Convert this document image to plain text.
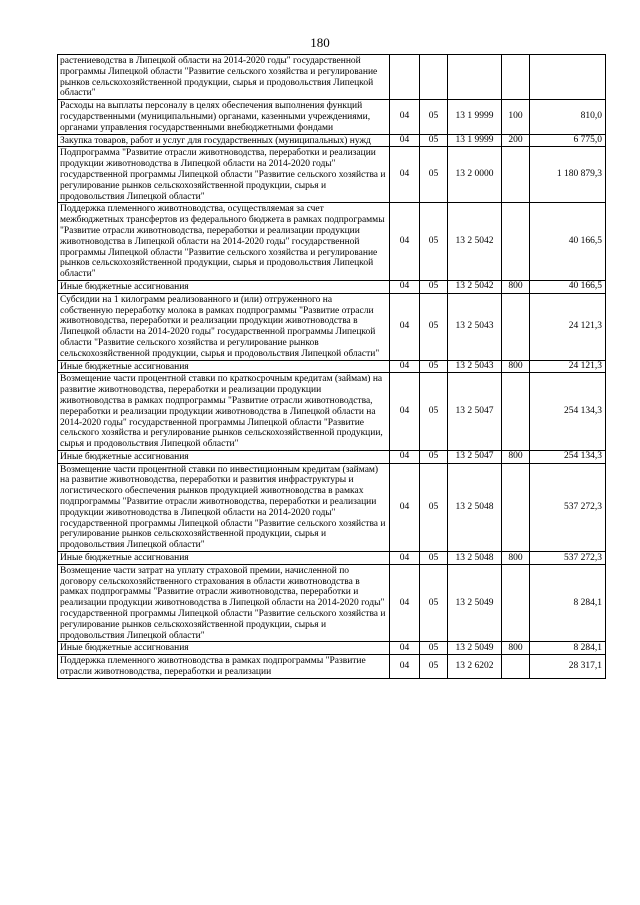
180
растениеводства в Липецкой области на 2014-2020 годы" государственной программы Липецкой области "Развитие сельского хозяйства и регулирование рынков сельскохозяйственной продукции, сырья и продовольствия Липецкой области"					
Расходы на выплаты персоналу в целях обеспечения выполнения функций государственными (муниципальными) органами, казенными учреждениями, органами управления государственными внебюджетными фондами	04	05	13 1 9999	100	810,0
Закупка товаров, работ и услуг для государственных (муниципальных) нужд	04	05	13 1 9999	200	6 775,0
Подпрограмма "Развитие отрасли животноводства, переработки и реализации продукции животноводства в Липецкой области на 2014-2020 годы" государственной программы Липецкой области "Развитие сельского хозяйства и регулирование рынков сельскохозяйственной продукции, сырья и продовольствия Липецкой области"	04	05	13 2 0000		1 180 879,3
Поддержка племенного животноводства, осуществляемая за счет межбюджетных трансфертов из федерального бюджета в рамках подпрограммы "Развитие отрасли животноводства, переработки и реализации продукции животноводства в Липецкой области на 2014-2020 годы" государственной программы Липецкой области "Развитие сельского хозяйства и регулирование рынков сельскохозяйственной продукции, сырья и продовольствия Липецкой области"	04	05	13 2 5042		40 166,5
Иные бюджетные ассигнования	04	05	13 2 5042	800	40 166,5
Субсидии на 1 килограмм реализованного и (или) отгруженного на собственную переработку молока в рамках подпрограммы "Развитие отрасли животноводства, переработки и реализации продукции животноводства в Липецкой области на 2014-2020 годы" государственной программы Липецкой области "Развитие сельского хозяйства и регулирование рынков сельскохозяйственной продукции, сырья и продовольствия Липецкой области"	04	05	13 2 5043		24 121,3
Иные бюджетные ассигнования	04	05	13 2 5043	800	24 121,3
Возмещение части процентной ставки по краткосрочным кредитам (займам) на развитие животноводства, переработки и реализации продукции животноводства в рамках подпрограммы "Развитие отрасли животноводства, переработки и реализации продукции животноводства в Липецкой области на 2014-2020 годы" государственной программы Липецкой области "Развитие сельского хозяйства и регулирование рынков сельскохозяйственной продукции, сырья и продовольствия Липецкой области"	04	05	13 2 5047		254 134,3
Иные бюджетные ассигнования	04	05	13 2 5047	800	254 134,3
Возмещение части процентной ставки по инвестиционным кредитам (займам) на развитие животноводства, переработки и развития инфраструктуры и логистического обеспечения рынков продукцией животноводства в рамках подпрограммы "Развитие отрасли животноводства, переработки и реализации продукции животноводства в Липецкой области на 2014-2020 годы" государственной программы Липецкой области "Развитие сельского хозяйства и регулирование рынков сельскохозяйственной продукции, сырья и продовольствия Липецкой области"	04	05	13 2 5048		537 272,3
Иные бюджетные ассигнования	04	05	13 2 5048	800	537 272,3
Возмещение части затрат на уплату страховой премии, начисленной по договору сельскохозяйственного страхования в области животноводства в рамках подпрограммы "Развитие отрасли животноводства, переработки и реализации продукции животноводства в Липецкой области на 2014-2020 годы" государственной программы Липецкой области "Развитие сельского хозяйства и регулирование рынков сельскохозяйственной продукции, сырья и продовольствия Липецкой области"	04	05	13 2 5049		8 284,1
Иные бюджетные ассигнования	04	05	13 2 5049	800	8 284,1
Поддержка племенного животноводства в рамках подпрограммы "Развитие отрасли животноводства, переработки и реализации	04	05	13 2 6202		28 317,1
